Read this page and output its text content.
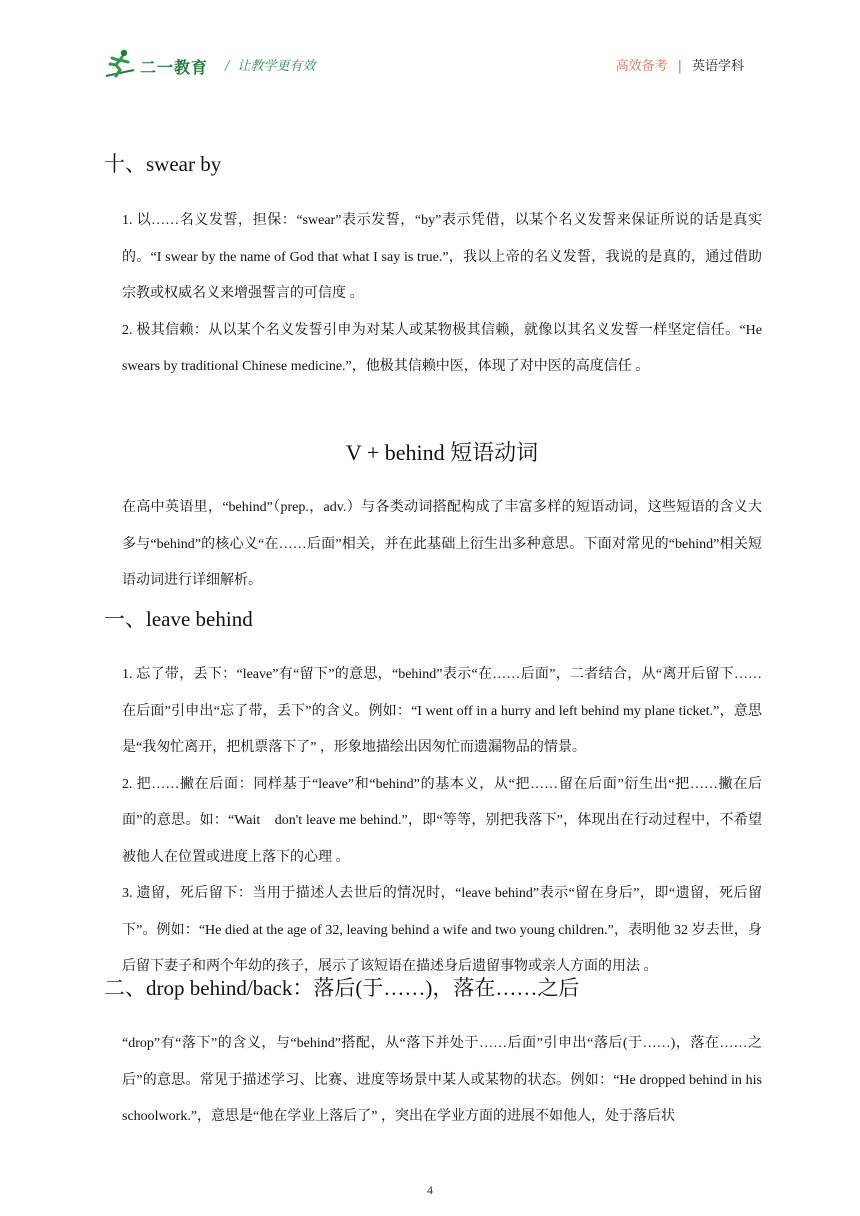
二一教育 / 让教学更有效	高效备考 | 英语学科
十、swear by

1. 以……名义发誓，担保：“swear”表示发誓，“by”表示凭借，以某个名义发誓来保证所说的话是真实的。“I swear by the name of God that what I say is true.”，我以上帝的名义发誓，我说的是真的，通过借助宗教或权威名义来增强誓言的可信度 。

2. 极其信赖：从以某个名义发誓引申为对某人或某物极其信赖，就像以其名义发誓一样坚定信任。“He swears by traditional Chinese medicine.”，他极其信赖中医，体现了对中医的高度信任 。

V + behind 短语动词

在高中英语里，“behind”（prep.，adv.）与各类动词搭配构成了丰富多样的短语动词，这些短语的含义大多与“behind”的核心义“在……后面”相关，并在此基础上衍生出多种意思。下面对常见的“behind”相关短语动词进行详细解析。

一、leave behind

1. 忘了带，丢下：“leave”有“留下”的意思，“behind”表示“在……后面”，二者结合，从“离开后留下……在后面”引申出“忘了带，丢下”的含义。例如：“I went off in a hurry and left behind my plane ticket.”，意思是“我匆忙离开，把机票落下了” ，形象地描绘出因匆忙而遗漏物品的情景。

2. 把……撇在后面：同样基于“leave”和“behind”的基本义，从“把……留在后面”衍生出“把……撇在后面”的意思。如：“Wait　don't leave me behind.”，即“等等，别把我落下”，体现出在行动过程中，不希望被他人在位置或进度上落下的心理 。

3. 遗留，死后留下：当用于描述人去世后的情况时，“leave behind”表示“留在身后”，即“遗留，死后留下”。例如：“He died at the age of 32, leaving behind a wife and two young children.”，表明他 32 岁去世，身后留下妻子和两个年幼的孩子，展示了该短语在描述身后遗留事物或亲人方面的用法 。

二、drop behind/back：落后(于……)，落在……之后

“drop”有“落下”的含义，与“behind”搭配，从“落下并处于……后面”引申出“落后(于……)，落在……之后”的意思。常见于描述学习、比赛、进度等场景中某人或某物的状态。例如：“He dropped behind in his schoolwork.”，意思是“他在学业上落后了” ，突出在学业方面的进展不如他人，处于落后状

4
